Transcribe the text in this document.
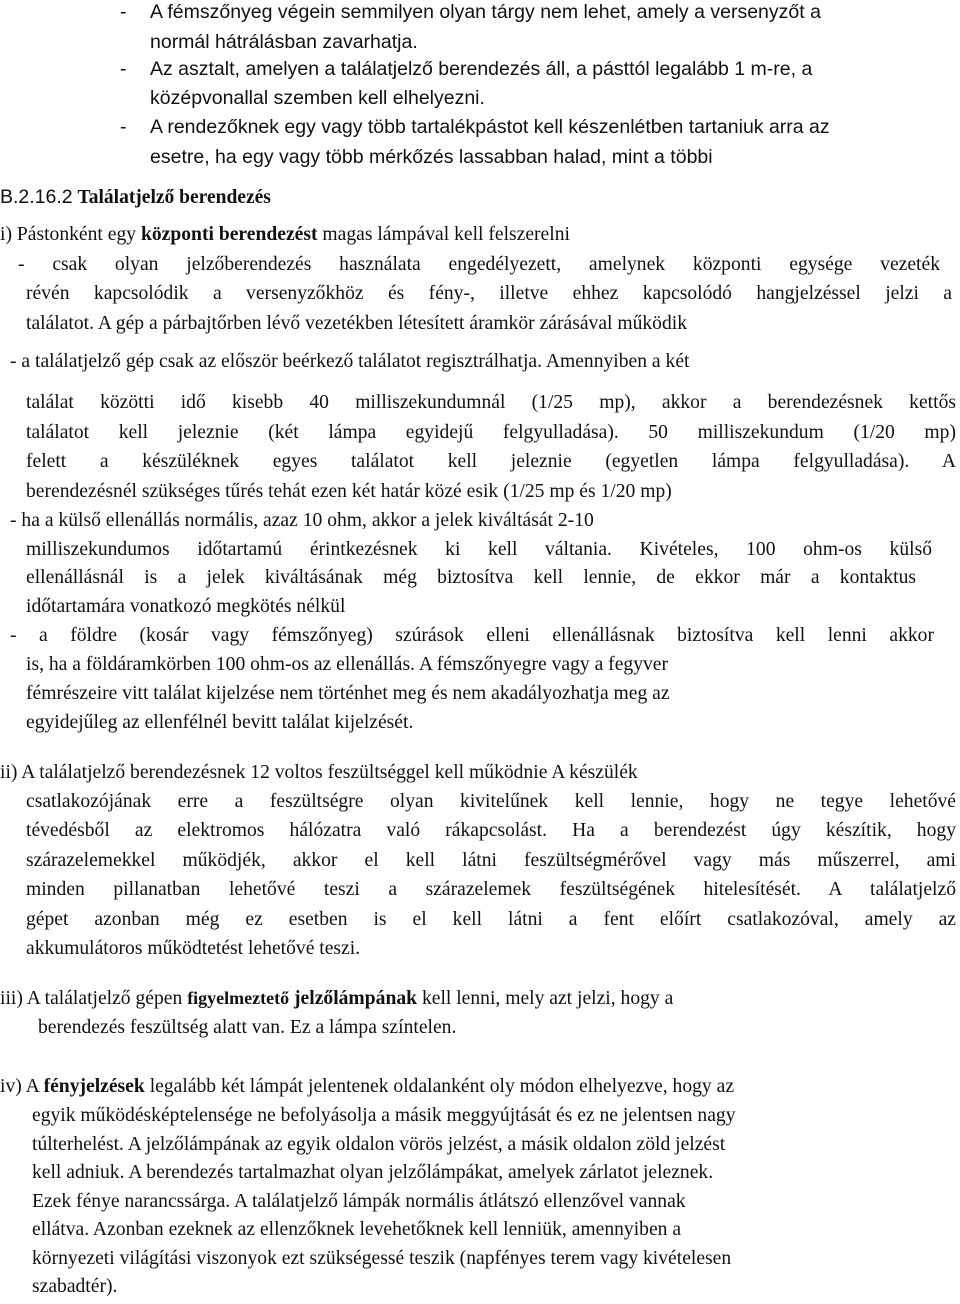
- A fémszőnyeg végein semmilyen olyan tárgy nem lehet, amely a versenyzőt a
normál hátrálásban zavarhatja.
- Az asztalt, amelyen a találatjelző berendezés áll, a pásttól legalább 1 m-re, a
középvonallal szemben kell elhelyezni.
- A rendezőknek egy vagy több tartalékpástot kell készenlétben tartaniuk arra az
esetre, ha egy vagy több mérkőzés lassabban halad, mint a többi
B.2.16.2 Találatjelző berendezés
i) Pástonként egy központi berendezést magas lámpával kell felszerelni
- csak olyan jelzőberendezés használata engedélyezett, amelynek központi egysége vezeték
révén kapcsolódik a versenyzőkhöz és fény-, illetve ehhez kapcsolódó hangjelzéssel jelzi a
találatot. A gép a párbajtőrben lévő vezetékben létesített áramkör zárásával működik
- a találatjelző gép csak az először beérkező találatot regisztrálhatja. Amennyiben a két
találat közötti idő kisebb 40 milliszekundumnál (1/25 mp), akkor a berendezésnek kettős
találatot kell jeleznie (két lámpa egyidejű felgyulladása). 50 milliszekundum (1/20 mp)
felett a készüléknek egyes találatot kell jeleznie (egyetlen lámpa felgyulladása). A
berendezésnél szükséges tűrés tehát ezen két határ közé esik (1/25 mp és 1/20 mp)
- ha a külső ellenállás normális, azaz 10 ohm, akkor a jelek kiváltását 2-10
milliszekundumos időtartamú érintkezésnek ki kell váltania. Kivételes, 100 ohm-os külső
ellenállásnál is a jelek kiváltásának még biztosítva kell lennie, de ekkor már a kontaktus
időtartamára vonatkozó megkötés nélkül
- a földre (kosár vagy fémszőnyeg) szúrások elleni ellenállásnak biztosítva kell lenni akkor
is, ha a földáramkörben 100 ohm-os az ellenállás. A fémszőnyegre vagy a fegyver
fémrészeire vitt találat kijelzése nem történhet meg és nem akadályozhatja meg az
egyidejűleg az ellenfélnél bevitt találat kijelzését.
ii) A találatjelző berendezésnek 12 voltos feszültséggel kell működnie A készülék
csatlakozójának erre a feszültségre olyan kivitelűnek kell lennie, hogy ne tegye lehetővé
tévedésből az elektromos hálózatra való rákapcsolást. Ha a berendezést úgy készítik, hogy
szárazelemekkel működjék, akkor el kell látni feszültségmérővel vagy más műszerrel, ami
minden pillanatban lehetővé teszi a szárazelemek feszültségének hitelesítését. A találatjelző
gépet azonban még ez esetben is el kell látni a fent előírt csatlakozóval, amely az
akkumulátoros működtetést lehetővé teszi.
iii) A találatjelző gépen figyelmeztető jelzőlámpának kell lenni, mely azt jelzi, hogy a
berendezés feszültség alatt van. Ez a lámpa színtelen.
iv) A fényjelzések legalább két lámpát jelentenek oldalanként oly módon elhelyezve, hogy az
egyik működésképtelensége ne befolyásolja a másik meggyújtását és ez ne jelentsen nagy
túlterhelést. A jelzőlámpának az egyik oldalon vörös jelzést, a másik oldalon zöld jelzést
kell adniuk. A berendezés tartalmazhat olyan jelzőlámpákat, amelyek zárlatot jeleznek.
Ezek fénye narancssárga. A találatjelző lámpák normális átlátszó ellenzővel vannak
ellátva. Azonban ezeknek az ellenzőknek levehetőknek kell lenniük, amennyiben a
környezeti világítási viszonyok ezt szükségessé teszik (napfényes terem vagy kivételesen
szabadtér).
